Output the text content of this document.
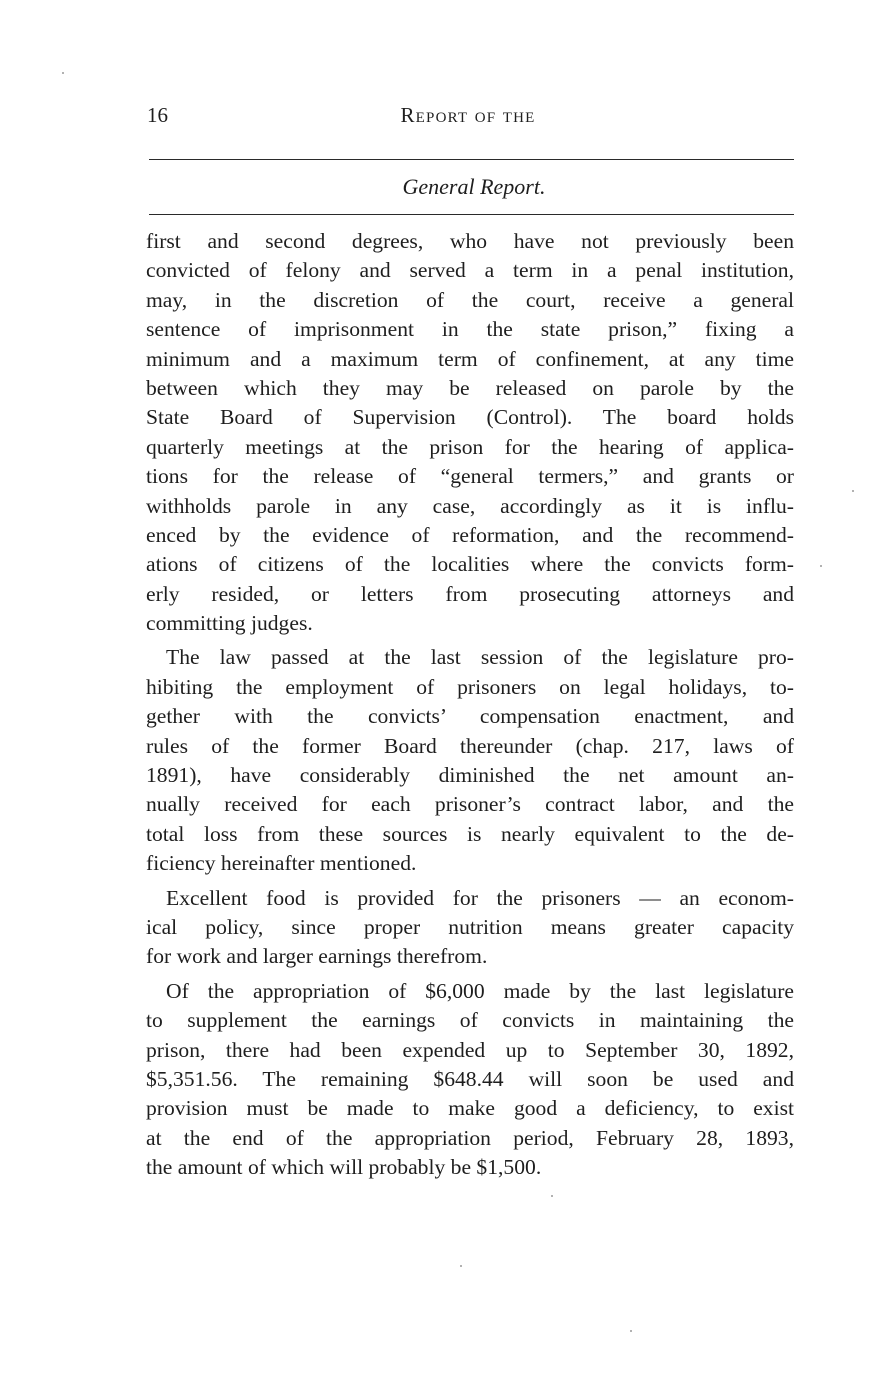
16	Report of the
General Report.
first and second degrees, who have not previously been
convicted of felony and served a term in a penal institution,
may, in the discretion of the court, receive a general
sentence of imprisonment in the state prison,” fixing a
minimum and a maximum term of confinement, at any time
between which they may be released on parole by the
State Board of Supervision (Control). The board holds
quarterly meetings at the prison for the hearing of applica-
tions for the release of “general termers,” and grants or
withholds parole in any case, accordingly as it is influ-
enced by the evidence of reformation, and the recommend-
ations of citizens of the localities where the convicts form-
erly resided, or letters from prosecuting attorneys and
committing judges.
The law passed at the last session of the legislature pro-
hibiting the employment of prisoners on legal holidays, to-
gether with the convicts’ compensation enactment, and
rules of the former Board thereunder (chap. 217, laws of
1891), have considerably diminished the net amount an-
nually received for each prisoner’s contract labor, and the
total loss from these sources is nearly equivalent to the de-
ficiency hereinafter mentioned.
Excellent food is provided for the prisoners — an econom-
ical policy, since proper nutrition means greater capacity
for work and larger earnings therefrom.
Of the appropriation of $6,000 made by the last legislature
to supplement the earnings of convicts in maintaining the
prison, there had been expended up to September 30, 1892,
$5,351.56. The remaining $648.44 will soon be used and
provision must be made to make good a deficiency, to exist
at the end of the appropriation period, February 28, 1893,
the amount of which will probably be $1,500.
